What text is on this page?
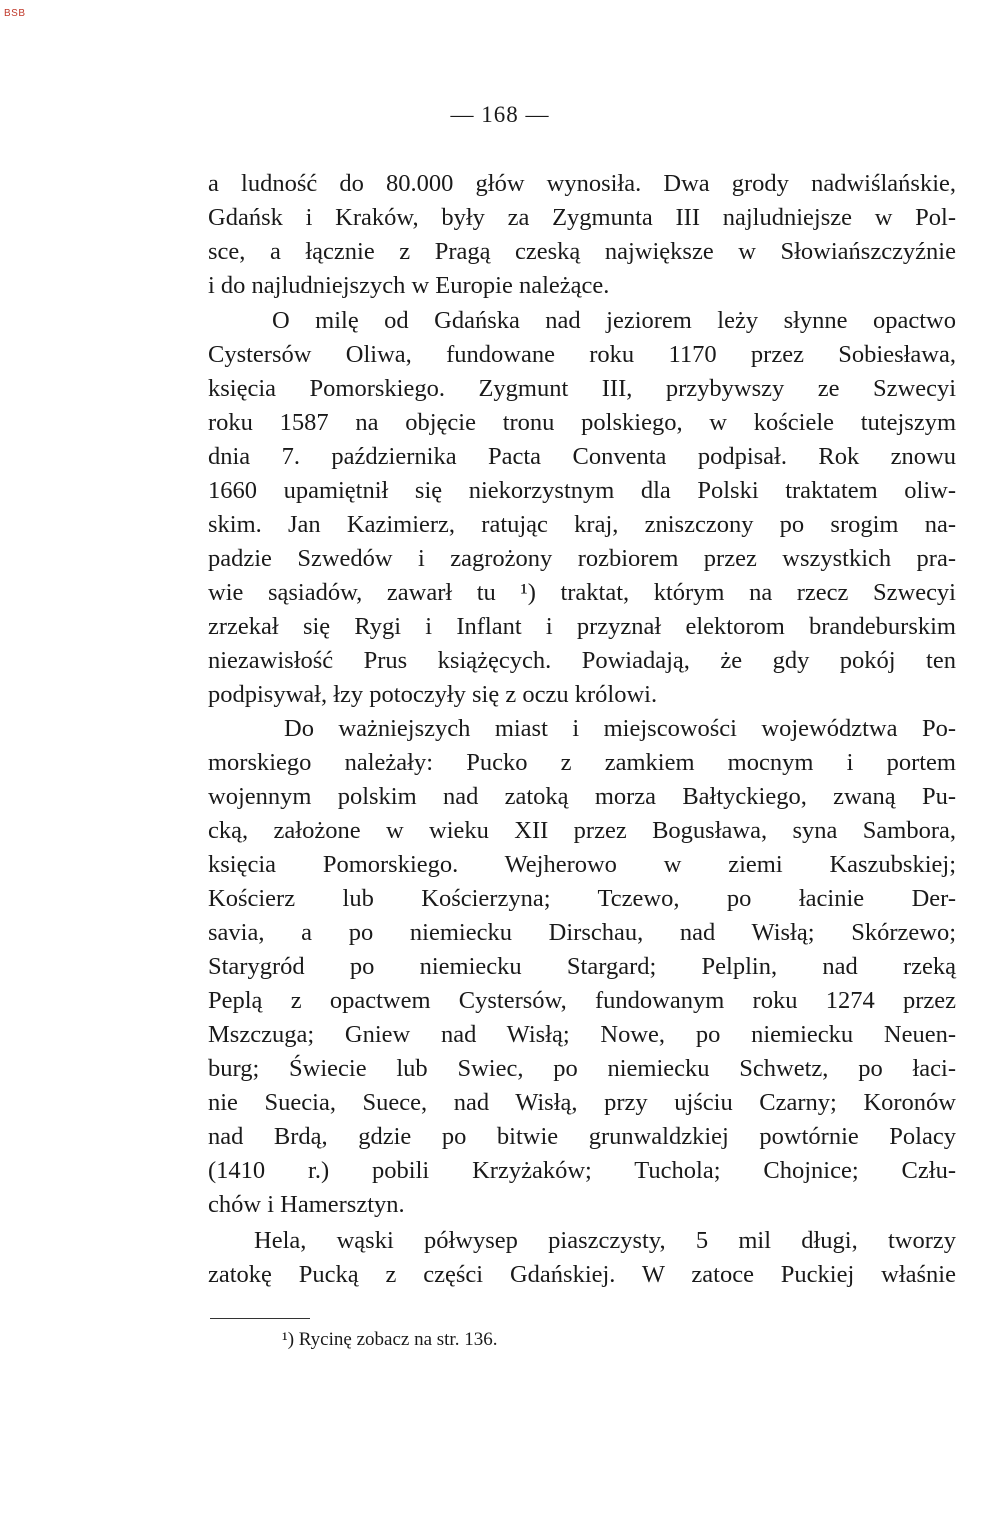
BSB
— 168 —
a ludność do 80.000 głów wynosiła. Dwa grody nadwiślańskie,
Gdańsk i Kraków, były za Zygmunta III najludniejsze w Pol-
sce, a łącznie z Pragą czeską największe w Słowiańszczyźnie
i do najludniejszych w Europie należące.
O milę od Gdańska nad jeziorem leży słynne opactwo
Cystersów Oliwa, fundowane roku 1170 przez Sobiesława,
księcia Pomorskiego. Zygmunt III, przybywszy ze Szwecyi
roku 1587 na objęcie tronu polskiego, w kościele tutejszym
dnia 7. października Pacta Conventa podpisał. Rok znowu
1660 upamiętnił się niekorzystnym dla Polski traktatem oliw-
skim. Jan Kazimierz, ratując kraj, zniszczony po srogim na-
padzie Szwedów i zagrożony rozbiorem przez wszystkich pra-
wie sąsiadów, zawarł tu ¹) traktat, którym na rzecz Szwecyi
zrzekał się Rygi i Inflant i przyznał elektorom brandeburskim
niezawisłość Prus książęcych. Powiadają, że gdy pokój ten
podpisywał, łzy potoczyły się z oczu królowi.
Do ważniejszych miast i miejscowości województwa Po-
morskiego należały: Pucko z zamkiem mocnym i portem
wojennym polskim nad zatoką morza Bałtyckiego, zwaną Pu-
cką, założone w wieku XII przez Bogusława, syna Sambora,
księcia Pomorskiego. Wejherowo w ziemi Kaszubskiej;
Kościerz lub Kościerzyna; Tczewo, po łacinie Der-
savia, a po niemiecku Dirschau, nad Wisłą; Skórzewo;
Starygród po niemiecku Stargard; Pelplin, nad rzeką
Peplą z opactwem Cystersów, fundowanym roku 1274 przez
Mszczuga; Gniew nad Wisłą; Nowe, po niemiecku Neuen-
burg; Świecie lub Swiec, po niemiecku Schwetz, po łaci-
nie Suecia, Suece, nad Wisłą, przy ujściu Czarny; Koronów
nad Brdą, gdzie po bitwie grunwaldzkiej powtórnie Polacy
(1410 r.) pobili Krzyżaków; Tuchola; Chojnice; Człu-
chów i Hamersztyn.
Hela, wąski półwysep piaszczysty, 5 mil długi, tworzy
zatokę Pucką z części Gdańskiej. W zatoce Puckiej właśnie
¹) Rycinę zobacz na str. 136.
